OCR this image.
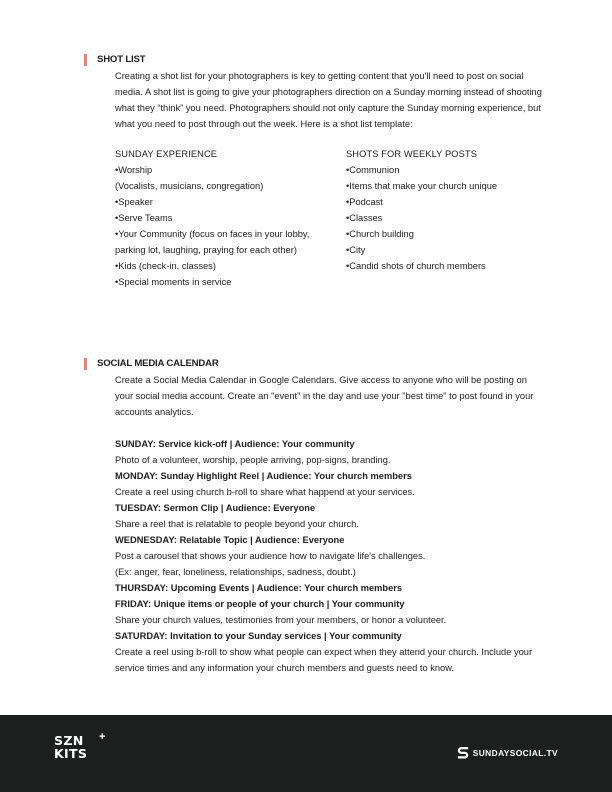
SHOT LIST

Creating a shot list for your photographers is key to getting content that you'll need to post on social media. A shot list is going to give your photographers direction on a Sunday morning instead of shooting what they “think” you need. Photographers should not only capture the Sunday morning experience, but what you need to post through out the week. Here is a shot list template:

SUNDAY EXPERIENCE
• Worship
(Vocalists, musicians, congregation)
• Speaker
• Serve Teams
• Your Community (focus on faces in your lobby, parking lot, laughing, praying for each other)
• Kids (check-in, classes)
• Special moments in service
SHOTS FOR WEEKLY POSTS
• Communion
• Items that make your church unique
• Podcast
• Classes
• Church building
• City
• Candid shots of church members
SOCIAL MEDIA CALENDAR

Create a Social Media Calendar in Google Calendars. Give access to anyone who will be posting on your social media account. Create an "event" in the day and use your "best time" to post found in your accounts analytics.

SUNDAY: Service kick-off | Audience: Your community
Photo of a volunteer, worship, people arriving, pop-signs, branding.
MONDAY: Sunday Highlight Reel | Audience: Your church members
Create a reel using church b-roll to share what happend at your services.
TUESDAY: Sermon Clip | Audience: Everyone
Share a reel that is relatable to people beyond your church.
WEDNESDAY: Relatable Topic | Audience: Everyone
Post a carousel that shows your audience how to navigate life's challenges.
(Ex: anger, fear, loneliness, relationships, sadness, doubt.)
THURSDAY: Upcoming Events | Audience: Your church members
FRIDAY: Unique items or people of your church | Your community
Share your church values, testimonies from your members, or honor a volunteer.
SATURDAY: Invitation to your Sunday services | Your community
Create a reel using b-roll to show what people can expect when they attend your church. Include your service times and any information your church members and guests need to know.
SZN
KITS
+
SUNDAYSOCIAL.TV
